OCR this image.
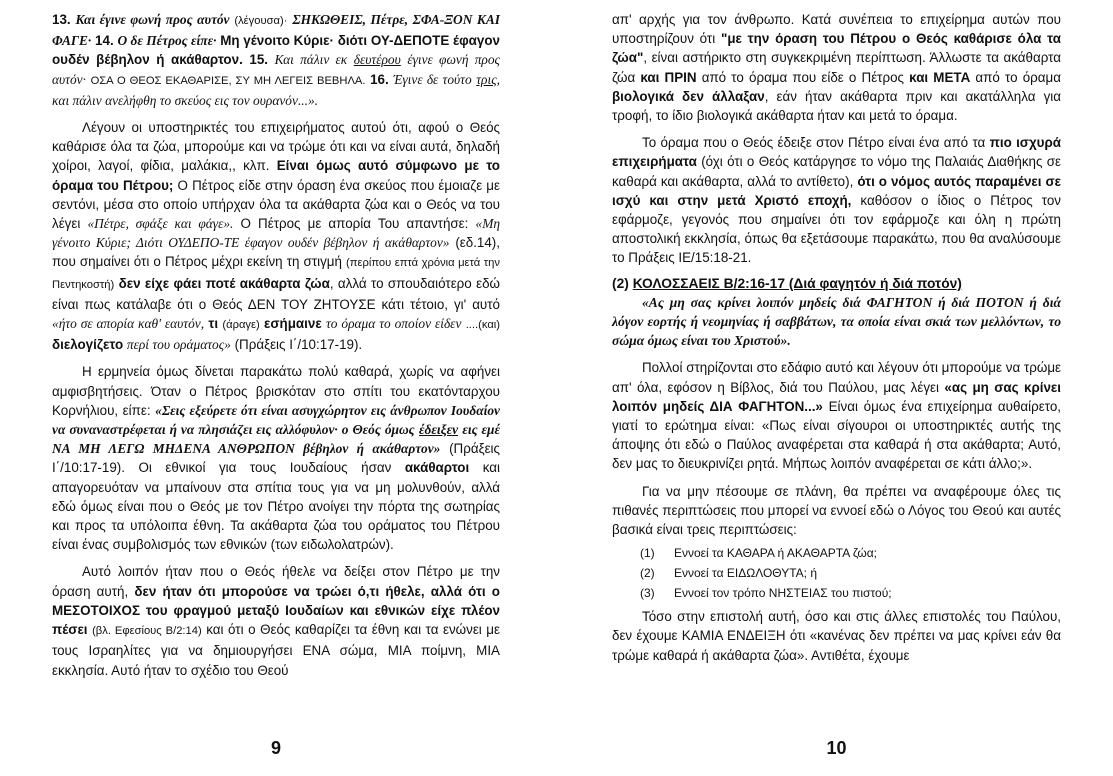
13. Και έγινε φωνή προς αυτόν (λέγουσα)· ΣΗΚΩΘΕΙΣ, Πέτρε, ΣΦΑ-ΞΟΝ ΚΑΙ ΦΑΓΕ· 14. Ο δε Πέτρος είπε· Μη γένοιτο Κύριε· διότι ΟΥ-ΔΕΠΟΤΕ έφαγον ουδέν βέβηλον ή ακάθαρτον. 15. Και πάλιν εκ δευτέρου έγινε φωνή προς αυτόν· ΟΣΑ Ο ΘΕΟΣ ΕΚΑΘΑΡΙΣΕ, ΣΥ ΜΗ ΛΕΓΕΙΣ ΒΕΒΗΛΑ. 16. Έγινε δε τούτο τρις, και πάλιν ανελήφθη το σκεύος εις τον ουρανόν...».

Λέγουν οι υποστηρικτές του επιχειρήματος αυτού ότι, αφού ο Θεός καθάρισε όλα τα ζώα, μπορούμε και να τρώμε ότι και να είναι αυτά, δηλαδή χοίροι, λαγοί, φίδια, μαλάκια,, κλπ. Είναι όμως αυτό σύμφωνο με το όραμα του Πέτρου; Ο Πέτρος είδε στην όραση ένα σκεύος που έμοιαζε με σεντόνι, μέσα στο οποίο υπήρχαν όλα τα ακάθαρτα ζώα και ο Θεός να του λέγει «Πέτρε, σφάξε και φάγε». Ο Πέτρος με απορία Του απαντήσε: «Μη γένοιτο Κύριε; Διότι ΟΥΔΕΠΟ-ΤΕ έφαγον ουδέν βέβηλον ή ακάθαρτον» (εδ.14), που σημαίνει ότι ο Πέτρος μέχρι εκείνη τη στιγμή (περίπου επτά χρόνια μετά την Πεντηκοστή) δεν είχε φάει ποτέ ακάθαρτα ζώα, αλλά το σπουδαιότερο εδώ είναι πως κατάλαβε ότι ο Θεός ΔΕΝ ΤΟΥ ΖΗΤΟΥΣΕ κάτι τέτοιο, γι' αυτό «ήτο σε απορία καθ' εαυτόν, τι (άραγε) εσήμαινε το όραμα το οποίον είδεν ....(και) διελογίζετο περί του οράματος» (Πράξεις Ι΄/10:17-19).

Η ερμηνεία όμως δίνεται παρακάτω πολύ καθαρά, χωρίς να αφήνει αμφισβητήσεις. Όταν ο Πέτρος βρισκόταν στο σπίτι του εκατόνταρχου Κορνήλιου, είπε: «Σεις εξεύρετε ότι είναι ασυγχώρητον εις άνθρωπον Ιουδαίον να συναναστρέφεται ή να πλησιάζει εις αλλόφυλον· ο Θεός όμως έδειξεν εις εμέ ΝΑ ΜΗ ΛΕΓΩ ΜΗΔΕΝΑ ΑΝΘΡΩΠΟΝ βέβηλον ή ακάθαρτον» (Πράξεις Ι΄/10:17-19). Οι εθνικοί για τους Ιουδαίους ήσαν ακάθαρτοι και απαγορευόταν να μπαίνουν στα σπίτια τους για να μη μολυνθούν, αλλά εδώ όμως είναι που ο Θεός με τον Πέτρο ανοίγει την πόρτα της σωτηρίας και προς τα υπόλοιπα έθνη. Τα ακάθαρτα ζώα του οράματος του Πέτρου είναι ένας συμβολισμός των εθνικών (των ειδωλολατρών).

Αυτό λοιπόν ήταν που ο Θεός ήθελε να δείξει στον Πέτρο με την όραση αυτή, δεν ήταν ότι μπορούσε να τρώει ό,τι ήθελε, αλλά ότι ο ΜΕΣΟΤΟΙΧΟΣ του φραγμού μεταξύ Ιουδαίων και εθνικών είχε πλέον πέσει (βλ. Εφεσίους Β/2:14) και ότι ο Θεός καθαρίζει τα έθνη και τα ενώνει με τους Ισραηλίτες για να δημιουργήσει ΕΝΑ σώμα, ΜΙΑ ποίμνη, ΜΙΑ εκκλησία. Αυτό ήταν το σχέδιο του Θεού

9

απ' αρχής για τον άνθρωπο. Κατά συνέπεια το επιχείρημα αυτών που υποστηρίζουν ότι "με την όραση του Πέτρου ο Θεός καθάρισε όλα τα ζώα", είναι αστήρικτο στη συγκεκριμένη περίπτωση. Άλλωστε τα ακάθαρτα ζώα και ΠΡΙΝ από το όραμα που είδε ο Πέτρος και ΜΕΤΑ από το όραμα βιολογικά δεν άλλαξαν, εάν ήταν ακάθαρτα πριν και ακατάλληλα για τροφή, το ίδιο βιολογικά ακάθαρτα ήταν και μετά το όραμα.

Το όραμα που ο Θεός έδειξε στον Πέτρο είναι ένα από τα πιο ισχυρά επιχειρήματα (όχι ότι ο Θεός κατάργησε το νόμο της Παλαιάς Διαθήκης σε καθαρά και ακάθαρτα, αλλά το αντίθετο), ότι ο νόμος αυτός παραμένει σε ισχύ και στην μετά Χριστό εποχή, καθόσον ο ίδιος ο Πέτρος τον εφάρμοζε, γεγονός που σημαίνει ότι τον εφάρμοζε και όλη η πρώτη αποστολική εκκλησία, όπως θα εξετάσουμε παρακάτω, που θα αναλύσουμε το Πράξεις ΙΕ/15:18-21.

(2) ΚΟΛΟΣΣΑΕΙΣ Β/2:16-17 (Διά φαγητόν ή διά ποτόν)

«Ας μη σας κρίνει λοιπόν μηδείς διά ΦΑΓΗΤΟΝ ή διά ΠΟΤΟΝ ή διά λόγον εορτής ή νεομηνίας ή σαββάτων, τα οποία είναι σκιά των μελλόντων, το σώμα όμως είναι του Χριστού».

Πολλοί στηρίζονται στο εδάφιο αυτό και λέγουν ότι μπορούμε να τρώμε απ' όλα, εφόσον η Βίβλος, διά του Παύλου, μας λέγει «ας μη σας κρίνει λοιπόν μηδείς ΔΙΑ ΦΑΓΗΤΟΝ...» Είναι όμως ένα επιχείρημα αυθαίρετο, γιατί το ερώτημα είναι: «Πως είναι σίγουροι οι υποστηρικτές αυτής της άποψης ότι εδώ ο Παύλος αναφέρεται στα καθαρά ή στα ακάθαρτα; Αυτό, δεν μας το διευκρινίζει ρητά. Μήπως λοιπόν αναφέρεται σε κάτι άλλο;».

Για να μην πέσουμε σε πλάνη, θα πρέπει να αναφέρουμε όλες τις πιθανές περιπτώσεις που μπορεί να εννοεί εδώ ο Λόγος του Θεού και αυτές βασικά είναι τρεις περιπτώσεις:

(1)	Εννοεί τα ΚΑΘΑΡΑ ή ΑΚΑΘΑΡΤΑ ζώα;
(2)	Εννοεί τα ΕΙΔΩΛΟΘΥΤΑ; ή
(3)	Εννοεί τον τρόπο ΝΗΣΤΕΙΑΣ του πιστού;

Τόσο στην επιστολή αυτή, όσο και στις άλλες επιστολές του Παύλου, δεν έχουμε ΚΑΜΙΑ ΕΝΔΕΙΞΗ ότι «κανένας δεν πρέπει να μας κρίνει εάν θα τρώμε καθαρά ή ακάθαρτα ζώα». Αντιθέτα, έχουμε

10
